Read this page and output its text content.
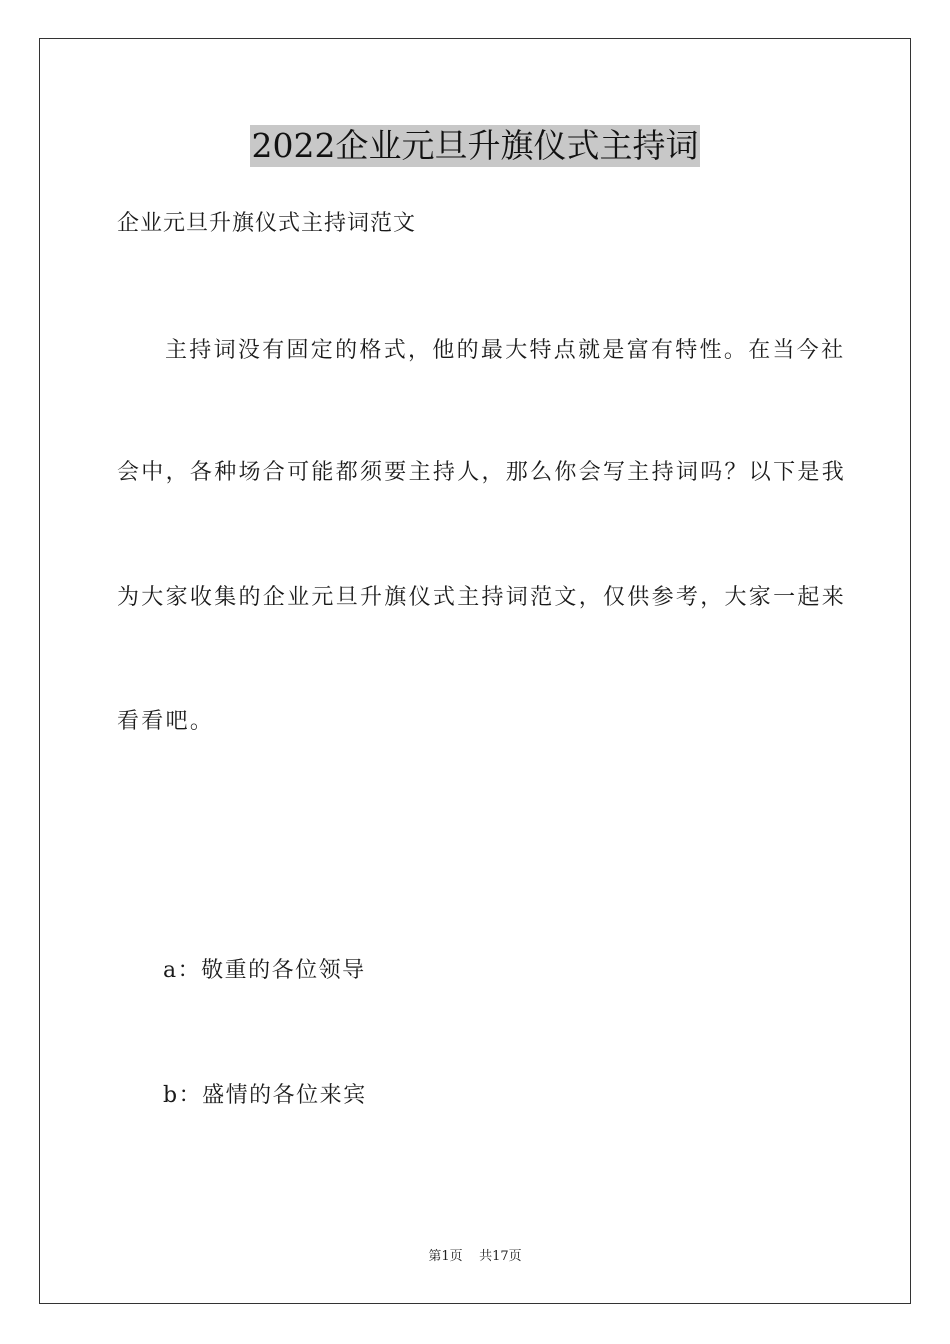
2022企业元旦升旗仪式主持词
企业元旦升旗仪式主持词范文
主持词没有固定的格式，他的最大特点就是富有特性。在当今社
会中，各种场合可能都须要主持人，那么你会写主持词吗？以下是我
为大家收集的企业元旦升旗仪式主持词范文，仅供参考，大家一起来
看看吧。
a：敬重的各位领导
b：盛情的各位来宾
第1页 共17页
